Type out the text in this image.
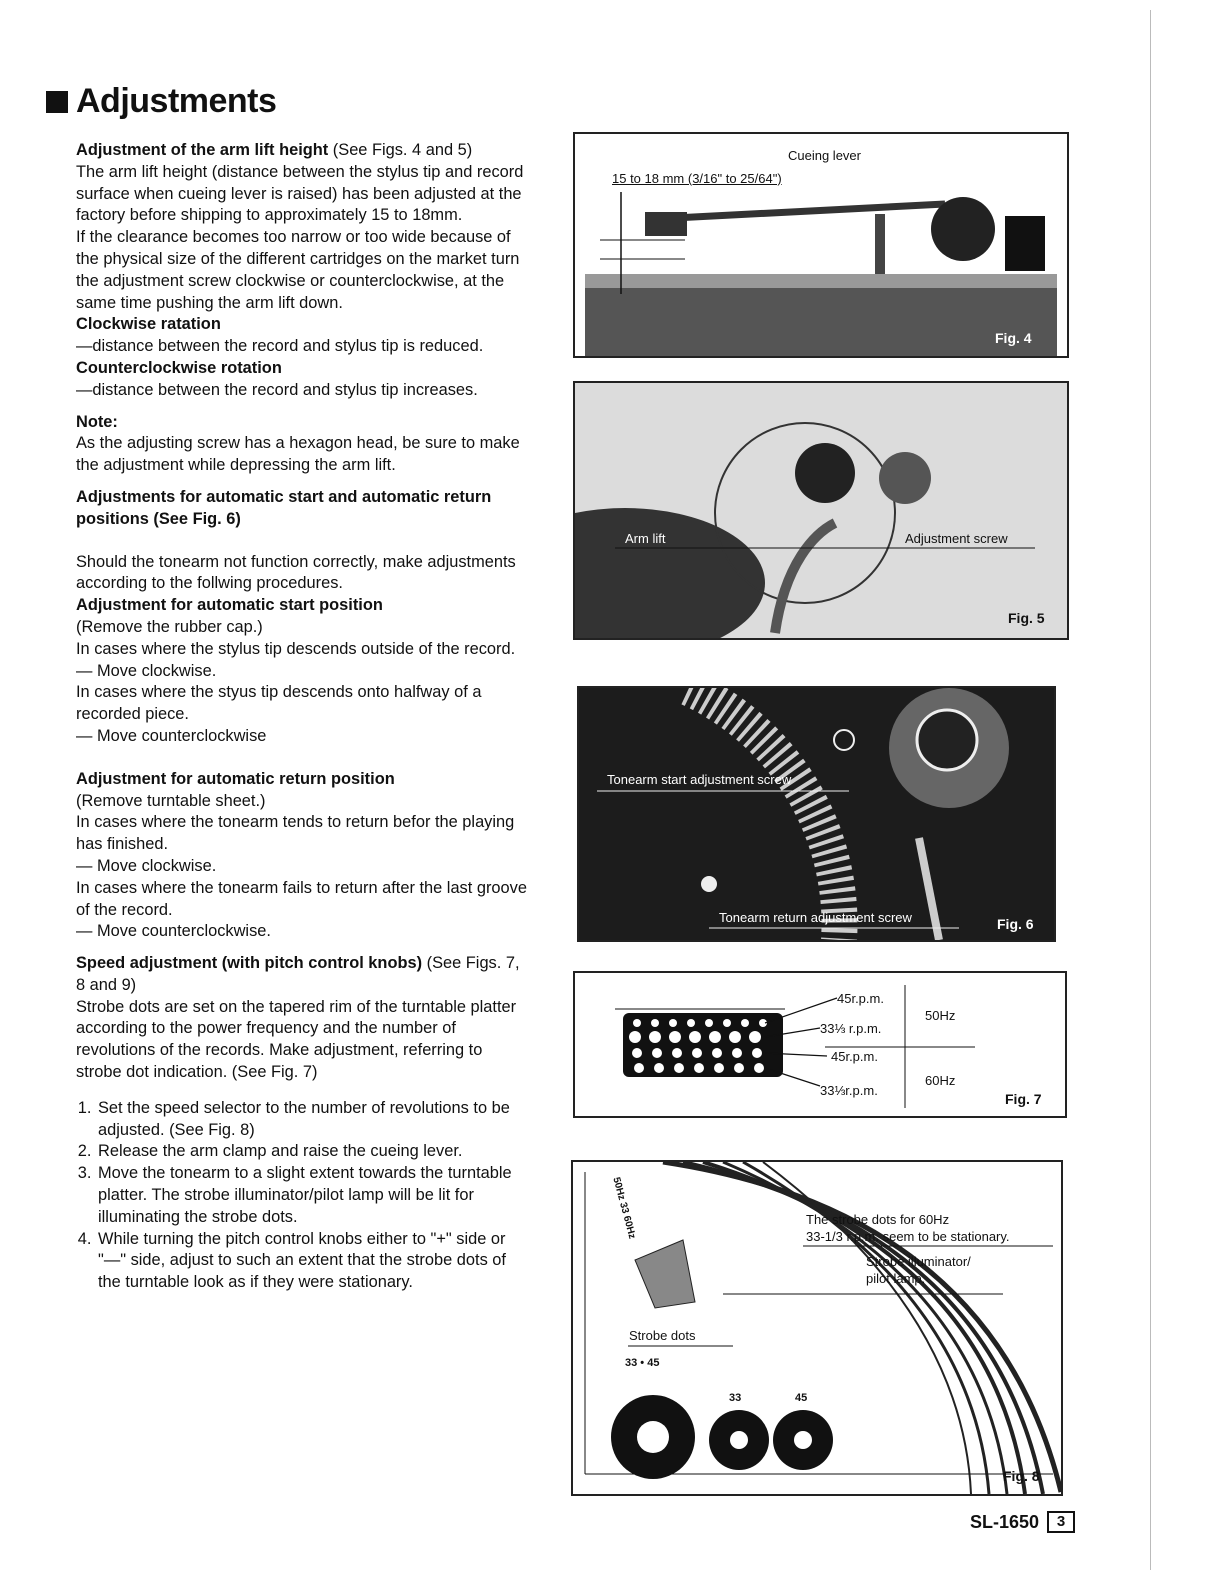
Adjustments

Adjustment of the arm lift height (See Figs. 4 and 5)

The arm lift height (distance between the stylus tip and record surface when cueing lever is raised) has been adjusted at the factory before shipping to approximately 15 to 18mm.

If the clearance becomes too narrow or too wide because of the physical size of the different cartridges on the market turn the adjustment screw clockwise or counterclockwise, at the same time pushing the arm lift down.

Clockwise ratation

—distance between the record and stylus tip is reduced.

Counterclockwise rotation

—distance between the record and stylus tip increases.

Note:

As the adjusting screw has a hexagon head, be sure to make the adjustment while depressing the arm lift.

Adjustments for automatic start and automatic return positions (See Fig. 6)

Should the tonearm not function correctly, make adjustments according to the follwing procedures.

Adjustment for automatic start position

(Remove the rubber cap.)

In cases where the stylus tip descends outside of the record.

— Move clockwise.

In cases where the styus tip descends onto halfway of a recorded piece.

— Move counterclockwise

Adjustment for automatic return position

(Remove turntable sheet.)

In cases where the tonearm tends to return befor the playing has finished.

— Move clockwise.

In cases where the tonearm fails to return after the last groove of the record.

— Move counterclockwise.

Speed adjustment (with pitch control knobs) (See Figs. 7, 8 and 9)

Strobe dots are set on the tapered rim of the turntable platter according to the power frequency and the number of revolutions of the records. Make adjustment, referring to strobe dot indication. (See Fig. 7)

1. Set the speed selector to the number of revolutions to be adjusted. (See Fig. 8)
2. Release the arm clamp and raise the cueing lever.
3. Move the tonearm to a slight extent towards the turntable platter. The strobe illuminator/pilot lamp will be lit for illuminating the strobe dots.
4. While turning the pitch control knobs either to "+" side or "—" side, adjust to such an extent that the strobe dots of the turntable look as if they were stationary.
Cueing lever
15 to 18 mm (3/16" to 25/64")
Fig. 4
Arm lift	Adjustment screw
Fig. 5
Tonearm start adjustment screw
Tonearm return adjustment screw	Fig. 6
45r.p.m.
33⅓ r.p.m.
45r.p.m.
33⅓r.p.m.
50Hz
60Hz
Fig. 7
50Hz 33 60Hz	The strobe dots for 60Hz
33-1/3 r.p.m. seem to be stationary.
Strobe illuminator/
pilot lamp.
Strobe dots
33 • 45
33	45
Fig. 8
SL-1650	3
